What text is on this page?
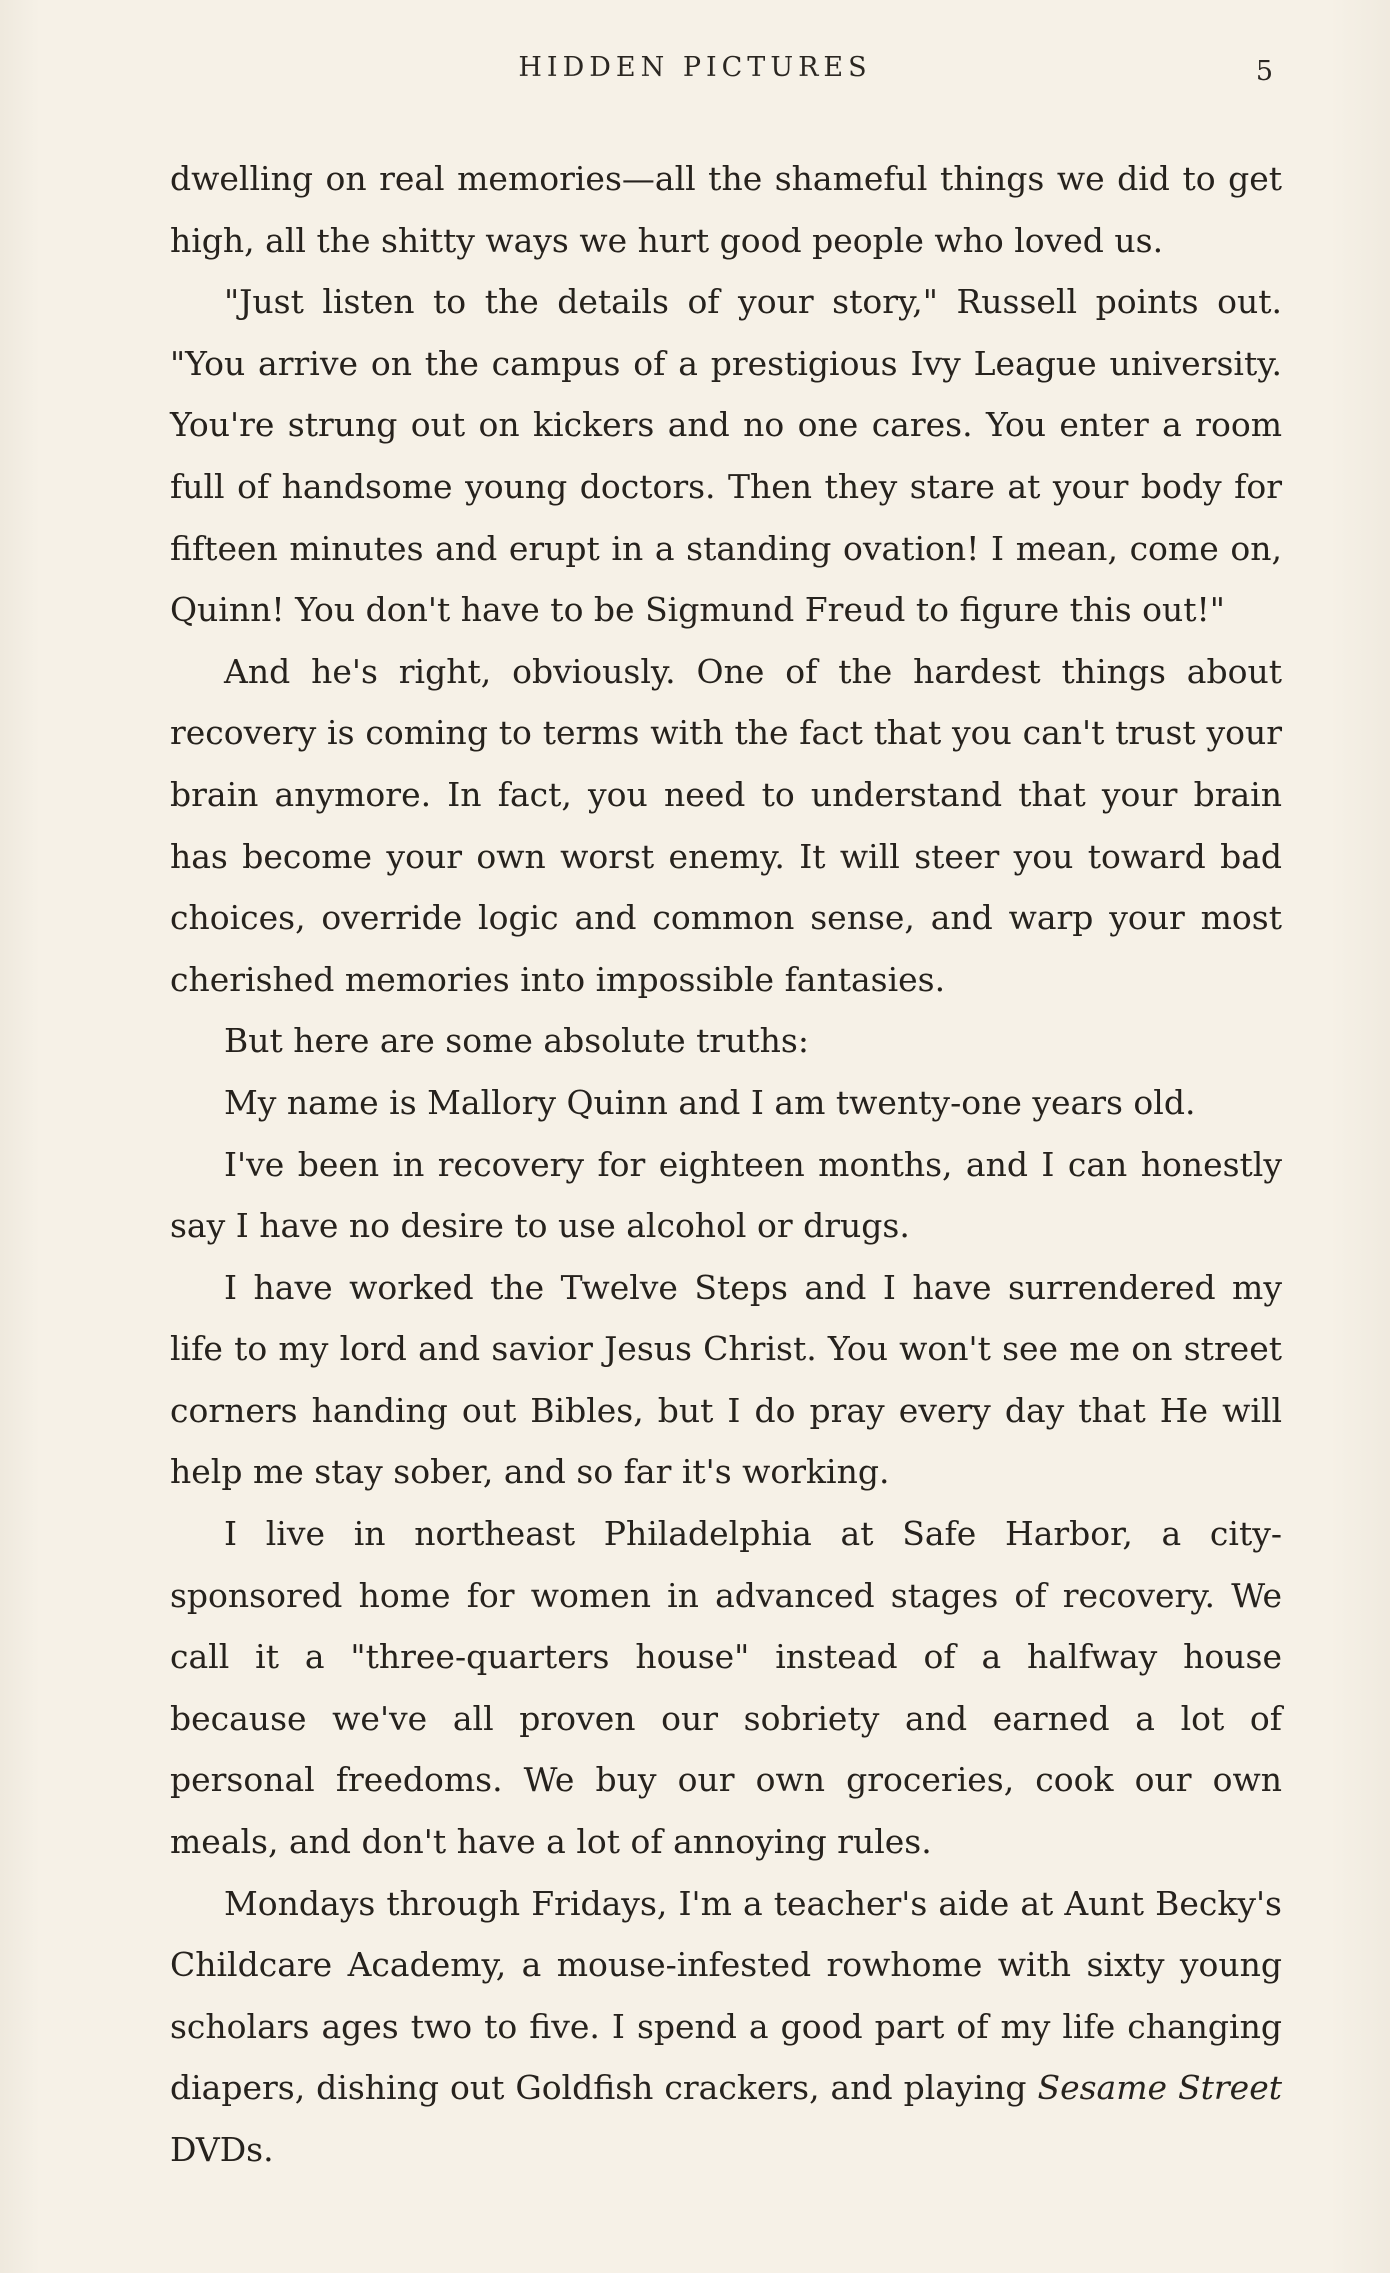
HIDDEN PICTURES	5

dwelling on real memories—all the shameful things we did to get high, all the shitty ways we hurt good people who loved us.

"Just listen to the details of your story," Russell points out. "You arrive on the campus of a prestigious Ivy League university. You're strung out on kickers and no one cares. You enter a room full of handsome young doctors. Then they stare at your body for fifteen minutes and erupt in a standing ovation! I mean, come on, Quinn! You don't have to be Sigmund Freud to figure this out!"

And he's right, obviously. One of the hardest things about recovery is coming to terms with the fact that you can't trust your brain anymore. In fact, you need to understand that your brain has become your own worst enemy. It will steer you toward bad choices, override logic and common sense, and warp your most cherished memories into impossible fantasies.

But here are some absolute truths:

My name is Mallory Quinn and I am twenty-one years old.

I've been in recovery for eighteen months, and I can honestly say I have no desire to use alcohol or drugs.

I have worked the Twelve Steps and I have surrendered my life to my lord and savior Jesus Christ. You won't see me on street corners handing out Bibles, but I do pray every day that He will help me stay sober, and so far it's working.

I live in northeast Philadelphia at Safe Harbor, a city-sponsored home for women in advanced stages of recovery. We call it a "three-quarters house" instead of a halfway house because we've all proven our sobriety and earned a lot of personal freedoms. We buy our own groceries, cook our own meals, and don't have a lot of annoying rules.

Mondays through Fridays, I'm a teacher's aide at Aunt Becky's Childcare Academy, a mouse-infested rowhome with sixty young scholars ages two to five. I spend a good part of my life changing diapers, dishing out Goldfish crackers, and playing Sesame Street DVDs.
